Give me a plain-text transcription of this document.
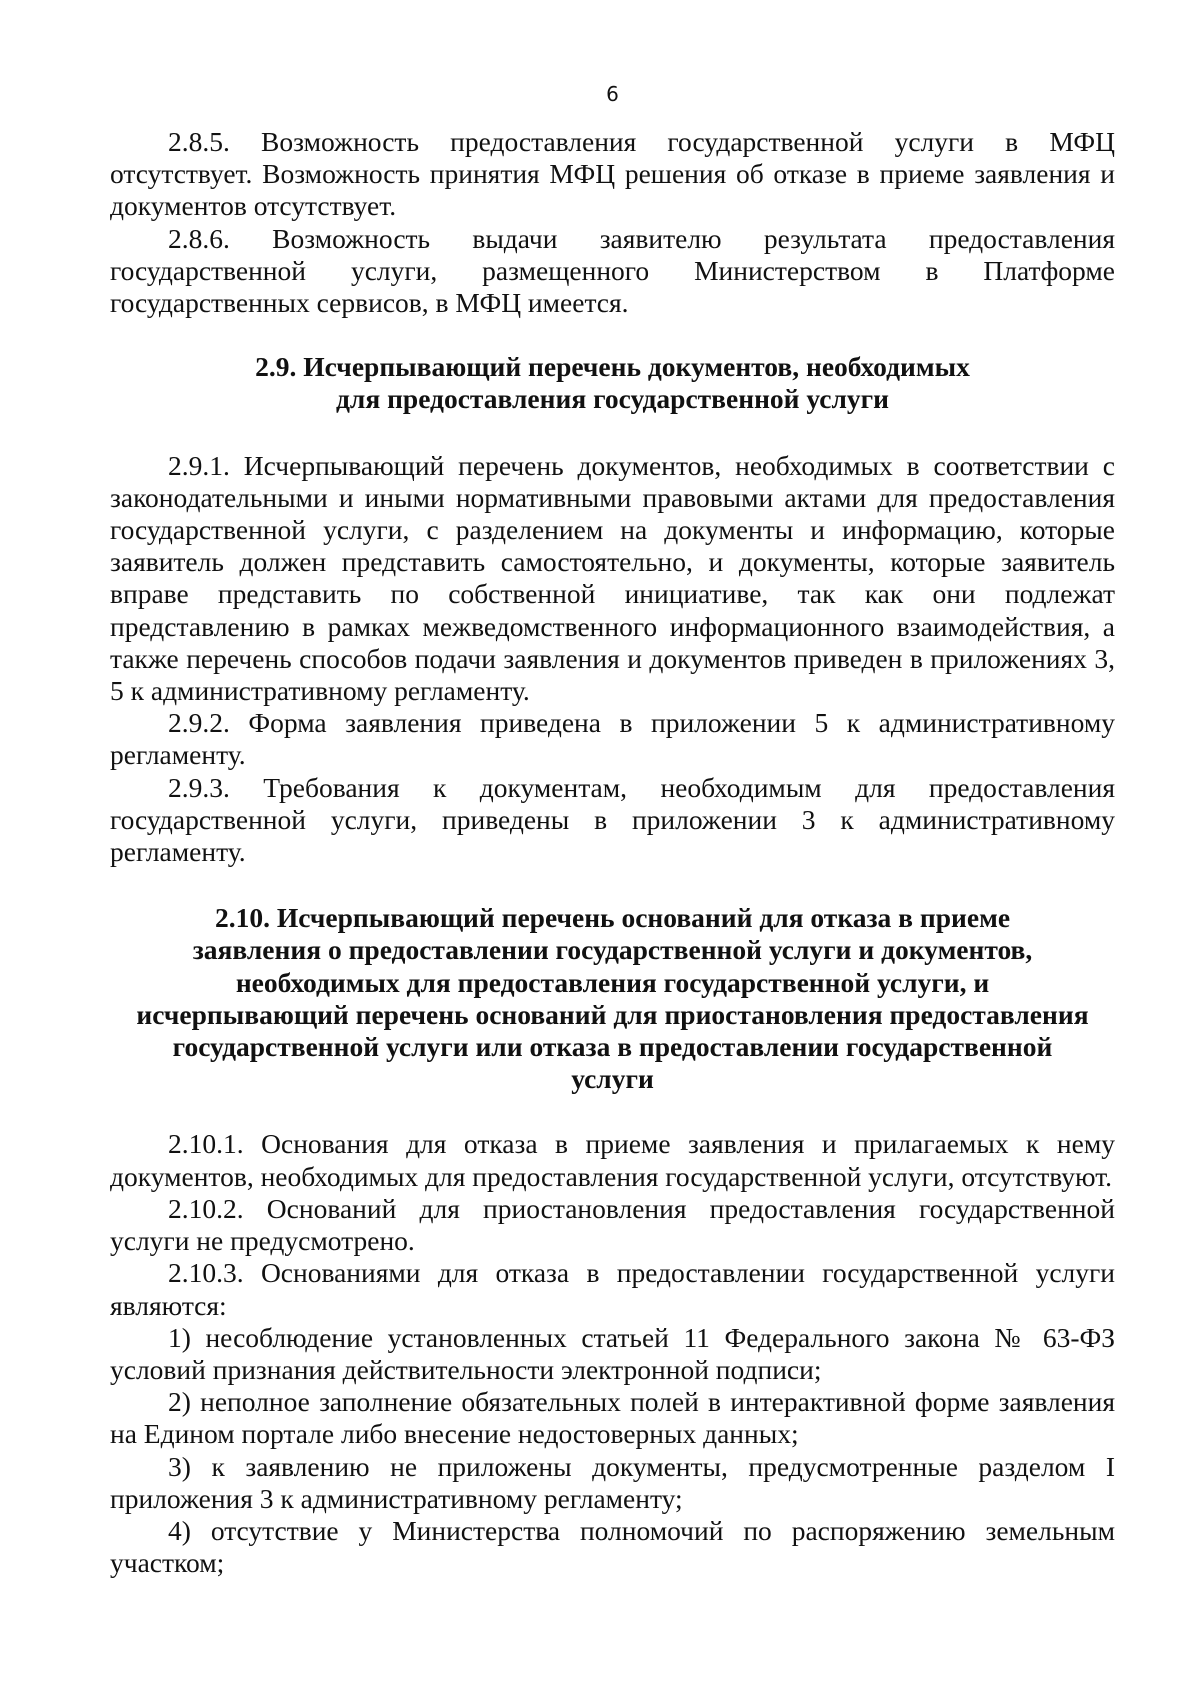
6

2.8.5. Возможность предоставления государственной услуги в МФЦ отсутствует. Возможность принятия МФЦ решения об отказе в приеме заявления и документов отсутствует.

2.8.6. Возможность выдачи заявителю результата предоставления государственной услуги, размещенного Министерством в Платформе государственных сервисов, в МФЦ имеется.

2.9. Исчерпывающий перечень документов, необходимых
для предоставления государственной услуги

2.9.1. Исчерпывающий перечень документов, необходимых в соответствии с законодательными и иными нормативными правовыми актами для предоставления государственной услуги, с разделением на документы и информацию, которые заявитель должен представить самостоятельно, и документы, которые заявитель вправе представить по собственной инициативе, так как они подлежат представлению в рамках межведомственного информационного взаимодействия, а также перечень способов подачи заявления и документов приведен в приложениях 3, 5 к административному регламенту.

2.9.2. Форма заявления приведена в приложении 5 к административному регламенту.

2.9.3. Требования к документам, необходимым для предоставления государственной услуги, приведены в приложении 3 к административному регламенту.

2.10. Исчерпывающий перечень оснований для отказа в приеме
заявления о предоставлении государственной услуги и документов,
необходимых для предоставления государственной услуги, и
исчерпывающий перечень оснований для приостановления предоставления
государственной услуги или отказа в предоставлении государственной
услуги

2.10.1. Основания для отказа в приеме заявления и прилагаемых к нему документов, необходимых для предоставления государственной услуги, отсутствуют.

2.10.2. Оснований для приостановления предоставления государственной услуги не предусмотрено.

2.10.3. Основаниями для отказа в предоставлении государственной услуги являются:

1) несоблюдение установленных статьей 11 Федерального закона № 63-ФЗ условий признания действительности электронной подписи;

2) неполное заполнение обязательных полей в интерактивной форме заявления на Едином портале либо внесение недостоверных данных;

3) к заявлению не приложены документы, предусмотренные разделом I приложения 3 к административному регламенту;

4) отсутствие у Министерства полномочий по распоряжению земельным участком;
